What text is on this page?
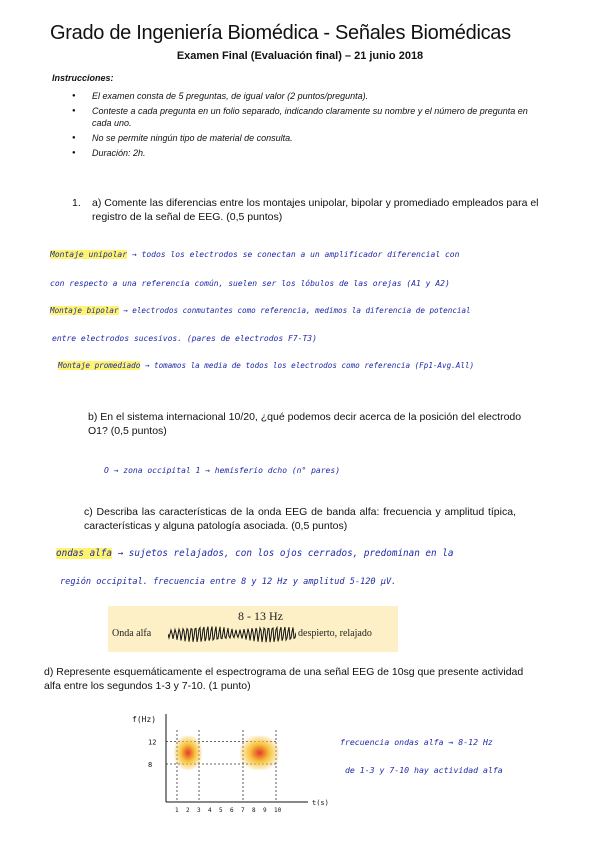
Grado de Ingeniería Biomédica - Señales Biomédicas
Examen Final (Evaluación final) – 21 junio 2018
Instrucciones:
● El examen consta de 5 preguntas, de igual valor (2 puntos/pregunta).
● Conteste a cada pregunta en un folio separado, indicando claramente su nombre y el número de pregunta en cada uno.
● No se permite ningún tipo de material de consulta.
● Duración: 2h.
1. a) Comente las diferencias entre los montajes unipolar, bipolar y promediado empleados para el registro de la señal de EEG. (0,5 puntos)
Montaje unipolar → todos los electrodos se conectan a un amplificador diferencial con
con respecto a una referencia común, suelen ser los lóbulos de las orejas (A1 y A2)
Montaje bipolar → electrodos conmutantes como referencia, medimos la diferencia de potencial
entre electrodos sucesivos. (pares de electrodos F7-T3)
Montaje promediado → tomamos la media de todos los electrodos como referencia (Fp1-Avg.All)
b) En el sistema internacional 10/20, ¿qué podemos decir acerca de la posición del electrodo O1? (0,5 puntos)
O → zona occipital 1 → hemisferio dcho (n° pares)
c) Describa las características de la onda EEG de banda alfa: frecuencia y amplitud típica, características y alguna patología asociada. (0,5 puntos)
ondas alfa → sujetos relajados, con los ojos cerrados, predominan en la
región occipital. frecuencia entre 8 y 12 Hz y amplitud 5-120 µV.
8 - 13 Hz
Onda alfa	despierto, relajado
d) Represente esquemáticamente el espectrograma de una señal EEG de 10sg que presente actividad alfa entre los segundos 1-3 y 7-10. (1 punto)
f(Hz)
t(s)
12
8
1 2 3 4 5 6 7 8 9 10
frecuencia ondas alfa → 8-12 Hz
de 1-3 y 7-10 hay actividad alfa
